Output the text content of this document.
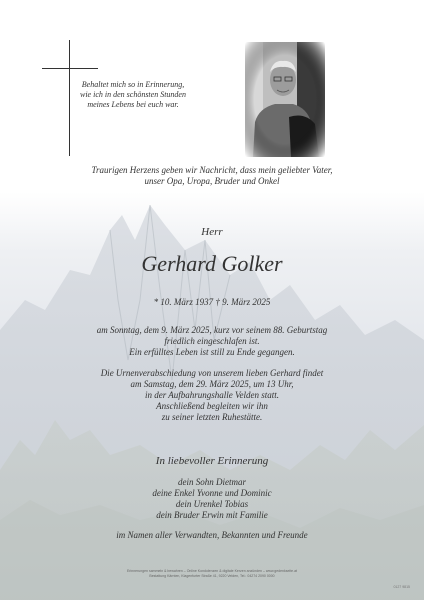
Behaltet mich so in Erinnerung,
wie ich in den schönsten Stunden
meines Lebens bei euch war.
Traurigen Herzens geben wir Nachricht, dass mein geliebter Vater,
unser Opa, Uropa, Bruder und Onkel
Herr
Gerhard Golker
* 10. März 1937 † 9. März 2025
am Sonntag, dem 9. März 2025, kurz vor seinem 88. Geburtstag
friedlich eingeschlafen ist.
Ein erfülltes Leben ist still zu Ende gegangen.
Die Urnenverabschiedung von unserem lieben Gerhard findet
am Samstag, dem 29. März 2025, um 13 Uhr,
in der Aufbahrungshalle Velden statt.
Anschließend begleiten wir ihn
zu seiner letzten Ruhestätte.
In liebevoller Erinnerung
dein Sohn Dietmar
deine Enkel Yvonne und Dominic
dein Urenkel Tobias
dein Bruder Erwin mit Familie
im Namen aller Verwandten, Bekannten und Freunde
Erinnerungen sammeln & bewahren – Online Kondolenzen & digitale Kerzen anzünden – www.gedenkseite.at
Bestattung Kärnten, Klagenfurter Straße 41, 9220 Velden, Tel.: 04274 2090 0000
0127 9815
